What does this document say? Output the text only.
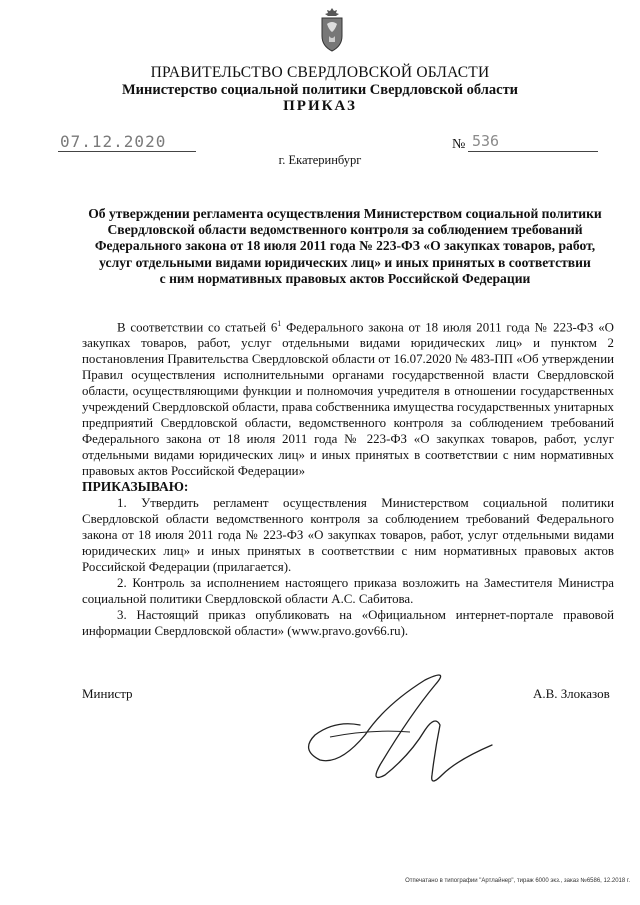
ПРАВИТЕЛЬСТВО СВЕРДЛОВСКОЙ ОБЛАСТИ
Министерство социальной политики Свердловской области
ПРИКАЗ
07.12.2020	№ 536
г. Екатеринбург
Об утверждении регламента осуществления Министерством социальной политики
Свердловской области ведомственного контроля за соблюдением требований
Федерального закона от 18 июля 2011 года № 223-ФЗ «О закупках товаров, работ,
услуг отдельными видами юридических лиц» и иных принятых в соответствии
с ним нормативных правовых актов Российской Федерации

В соответствии со статьей $6^1$ Федерального закона от 18 июля 2011 года № 223-ФЗ «О закупках товаров, работ, услуг отдельными видами юридических лиц» и пунктом 2 постановления Правительства Свердловской области от 16.07.2020 № 483-ПП «Об утверждении Правил осуществления исполнительными органами государственной власти Свердловской области, осуществляющими функции и полномочия учредителя в отношении государственных учреждений Свердловской области, права собственника имущества государственных унитарных предприятий Свердловской области, ведомственного контроля за соблюдением требований Федерального закона от 18 июля 2011 года № 223-ФЗ «О закупках товаров, работ, услуг отдельными видами юридических лиц» и иных принятых в соответствии с ним нормативных правовых актов Российской Федерации»

ПРИКАЗЫВАЮ:

1. Утвердить регламент осуществления Министерством социальной политики Свердловской области ведомственного контроля за соблюдением требований Федерального закона от 18 июля 2011 года № 223-ФЗ «О закупках товаров, работ, услуг отдельными видами юридических лиц» и иных принятых в соответствии с ним нормативных правовых актов Российской Федерации (прилагается).

2. Контроль за исполнением настоящего приказа возложить на Заместителя Министра социальной политики Свердловской области А.С. Сабитова.

3. Настоящий приказ опубликовать на «Официальном интернет-портале правовой информации Свердловской области» (www.pravo.gov66.ru).

Министр	А.В. Злоказов
Отпечатано в типографии "Артлайнер", тираж 6000 экз., заказ №6586, 12.2018 г.
